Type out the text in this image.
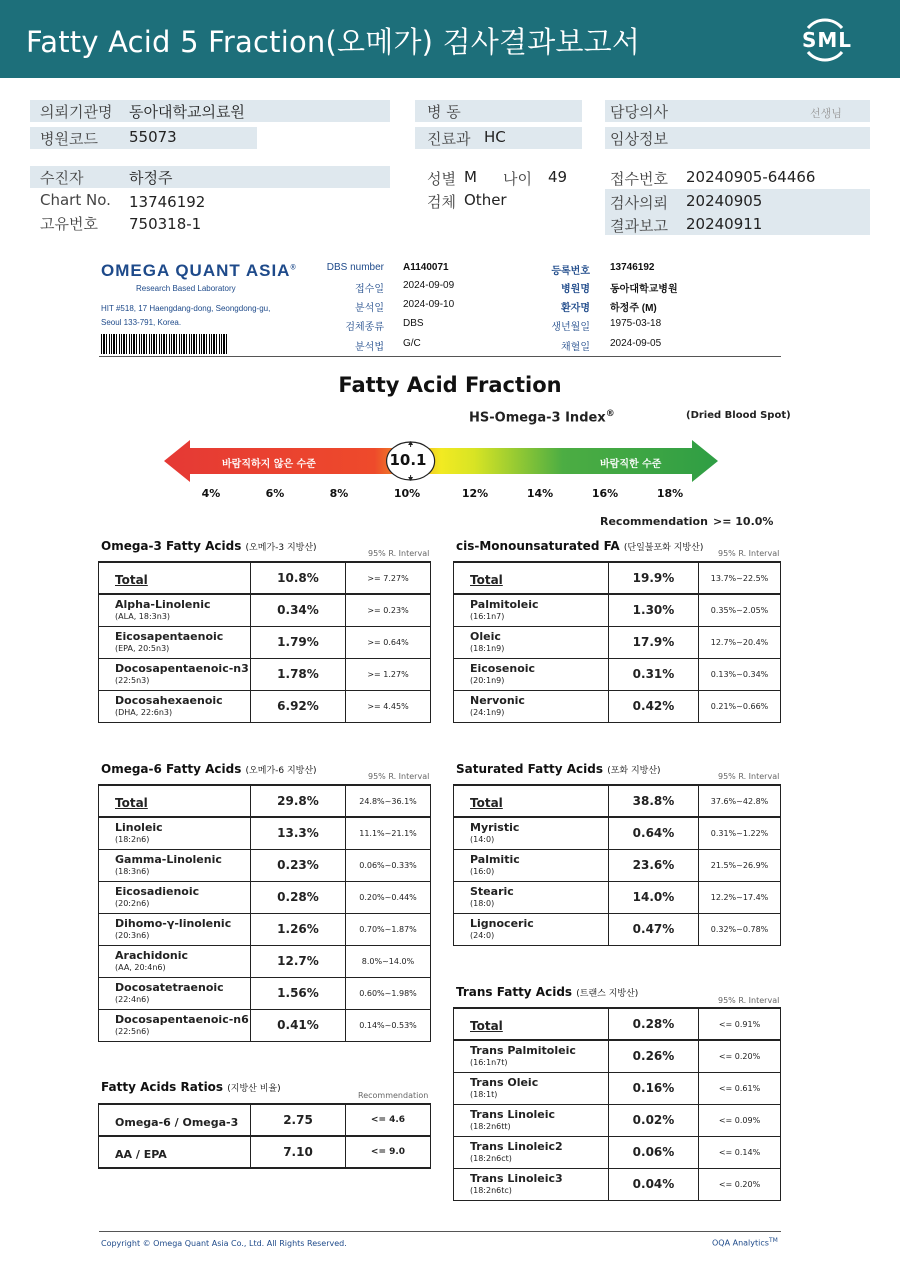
Fatty Acid 5 Fraction(오메가) 검사결과보고서	SML
의뢰기관명 동아대학교의료원
병원코드 55073
병 동
진료과 HC
담당의사	선생님
임상정보
수진자	하정주
Chart No. 13746192
고유번호 750318-1
성별 M 나이 49
검체 Other
접수번호 20240905-64466
검사의뢰 20240905
결과보고 20240911
OMEGA QUANT ASIA®
Research Based Laboratory
HIT #518, 17 Haengdang-dong, Seongdong-gu,
Seoul 133-791, Korea.
DBS number A1140071
접수일 2024-09-09
분석일 2024-09-10
검체종류 DBS
분석법 G/C
등록번호 13746192
병원명 동아대학교병원
환자명 하정주 (M)
생년월일 1975-03-18
채혈일 2024-09-05
Fatty Acid Fraction
HS-Omega-3 Index®	(Dried Blood Spot)
바람직하지 않은 수준	바람직한 수준
10.1
4%	6%	8%	10%	12%	14%	16%	18%
Recommendation >= 10.0%
Omega-3 Fatty Acids (오메가-3 지방산)
95% R. Interval
Total	10.8%	>= 7.27%

Alpha-Linolenic
(ALA, 18:3n3)	0.34%	>= 0.23%

Eicosapentaenoic
(EPA, 20:5n3)	1.79%	>= 0.64%

Docosapentaenoic-n3
(22:5n3)	1.78%	>= 1.27%

Docosahexaenoic
(DHA, 22:6n3)	6.92%	>= 4.45%
cis-Monounsaturated FA (단일불포화 지방산)
95% R. Interval
Total	19.9%	13.7%~22.5%

Palmitoleic
(16:1n7)	1.30%	0.35%~2.05%

Oleic
(18:1n9)	17.9%	12.7%~20.4%

Eicosenoic
(20:1n9)	0.31%	0.13%~0.34%

Nervonic
(24:1n9)	0.42%	0.21%~0.66%
Omega-6 Fatty Acids (오메가-6 지방산)
95% R. Interval
Total	29.8%	24.8%~36.1%

Linoleic
(18:2n6)	13.3%	11.1%~21.1%

Gamma-Linolenic
(18:3n6)	0.23%	0.06%~0.33%

Eicosadienoic
(20:2n6)	0.28%	0.20%~0.44%

Dihomo-γ-linolenic
(20:3n6)	1.26%	0.70%~1.87%

Arachidonic
(AA, 20:4n6)	12.7%	8.0%~14.0%

Docosatetraenoic
(22:4n6)	1.56%	0.60%~1.98%

Docosapentaenoic-n6
(22:5n6)	0.41%	0.14%~0.53%
Saturated Fatty Acids (포화 지방산)
95% R. Interval
Total	38.8%	37.6%~42.8%

Myristic
(14:0)	0.64%	0.31%~1.22%

Palmitic
(16:0)	23.6%	21.5%~26.9%

Stearic
(18:0)	14.0%	12.2%~17.4%

Lignoceric
(24:0)	0.47%	0.32%~0.78%
Trans Fatty Acids (트랜스 지방산)
95% R. Interval
Total	0.28%	<= 0.91%

Trans Palmitoleic
(16:1n7t)	0.26%	<= 0.20%

Trans Oleic
(18:1t)	0.16%	<= 0.61%

Trans Linoleic
(18:2n6tt)	0.02%	<= 0.09%

Trans Linoleic2
(18:2n6ct)	0.06%	<= 0.14%

Trans Linoleic3
(18:2n6tc)	0.04%	<= 0.20%
Fatty Acids Ratios (지방산 비율)
Recommendation
Omega-6 / Omega-3	2.75	<= 4.6
AA / EPA	7.10	<= 9.0
Copyright © Omega Quant Asia Co., Ltd. All Rights Reserved.	OQA Analytics™
